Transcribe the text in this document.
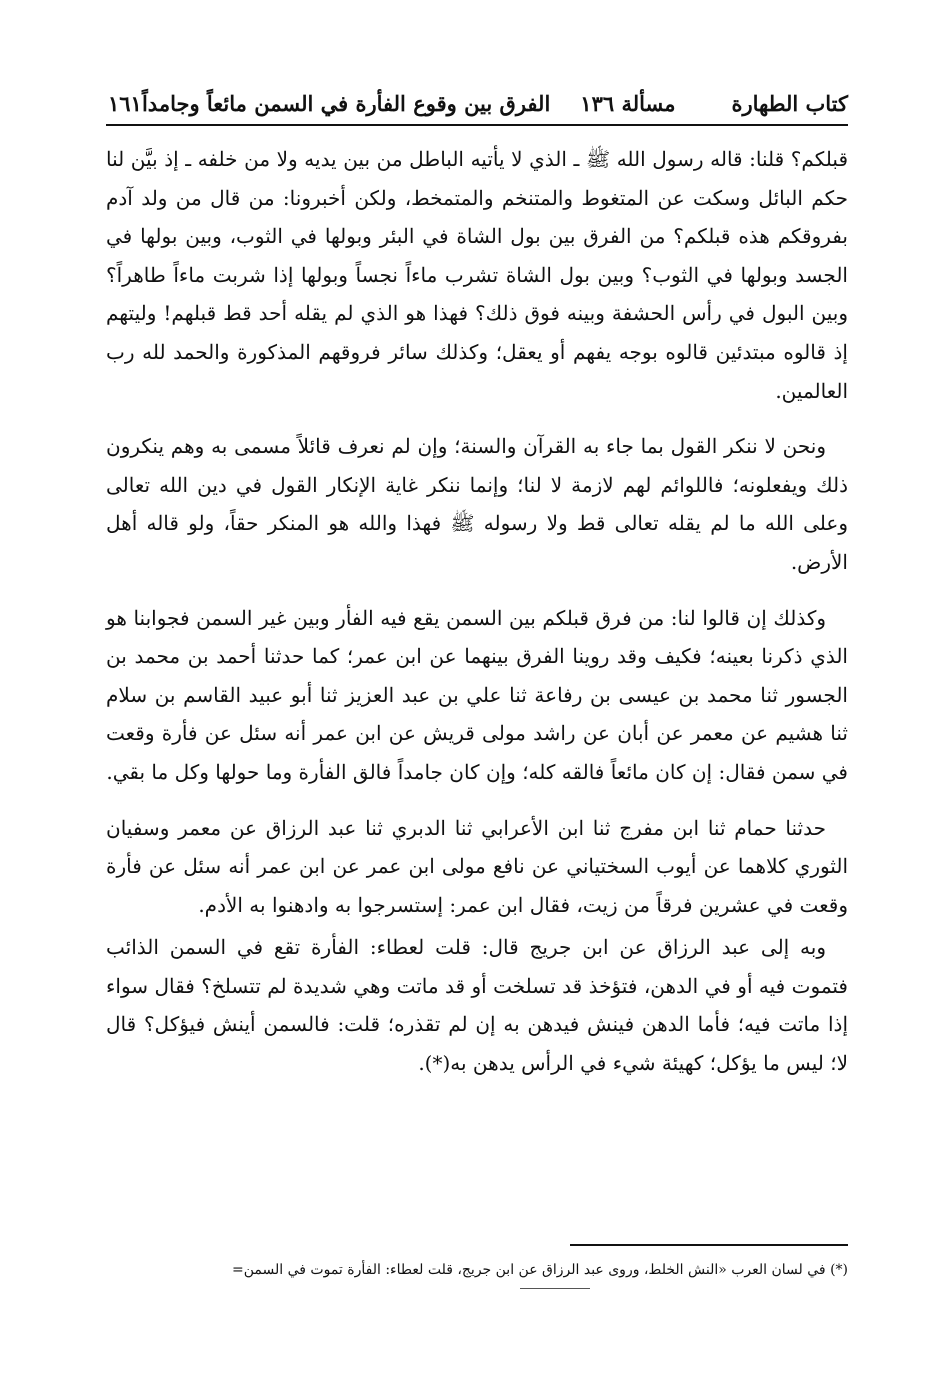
كتاب الطهارة
مسألة ١٣٦
الفرق بين وقوع الفأرة في السمن مائعاً وجامداً
١٦١

قبلكم؟ قلنا: قاله رسول الله ﷺ ـ الذي لا يأتيه الباطل من بين يديه ولا من خلفه ـ إذ بيَّن لنا حكم البائل وسكت عن المتغوط والمتنخم والمتمخط، ولكن أخبرونا: من قال من ولد آدم بفروقكم هذه قبلكم؟ من الفرق بين بول الشاة في البئر وبولها في الثوب، وبين بولها في الجسد وبولها في الثوب؟ وبين بول الشاة تشرب ماءاً نجساً وبولها إذا شربت ماءاً طاهراً؟ وبين البول في رأس الحشفة وبينه فوق ذلك؟ فهذا هو الذي لم يقله أحد قط قبلهم! وليتهم إذ قالوه مبتدئين قالوه بوجه يفهم أو يعقل؛ وكذلك سائر فروقهم المذكورة والحمد لله رب العالمين.

ونحن لا ننكر القول بما جاء به القرآن والسنة؛ وإن لم نعرف قائلاً مسمى به وهم ينكرون ذلك ويفعلونه؛ فاللوائم لهم لازمة لا لنا؛ وإنما ننكر غاية الإنكار القول في دين الله تعالى وعلى الله ما لم يقله تعالى قط ولا رسوله ﷺ فهذا والله هو المنكر حقاً، ولو قاله أهل الأرض.

وكذلك إن قالوا لنا: من فرق قبلكم بين السمن يقع فيه الفأر وبين غير السمن فجوابنا هو الذي ذكرنا بعينه؛ فكيف وقد روينا الفرق بينهما عن ابن عمر؛ كما حدثنا أحمد بن محمد بن الجسور ثنا محمد بن عيسى بن رفاعة ثنا علي بن عبد العزيز ثنا أبو عبيد القاسم بن سلام ثنا هشيم عن معمر عن أبان عن راشد مولى قريش عن ابن عمر أنه سئل عن فأرة وقعت في سمن فقال: إن كان مائعاً فالقه كله؛ وإن كان جامداً فالق الفأرة وما حولها وكل ما بقي.

حدثنا حمام ثنا ابن مفرج ثنا ابن الأعرابي ثنا الدبري ثنا عبد الرزاق عن معمر وسفيان الثوري كلاهما عن أيوب السختياني عن نافع مولى ابن عمر عن ابن عمر أنه سئل عن فأرة وقعت في عشرين فرقاً من زيت، فقال ابن عمر: إستسرجوا به وادهنوا به الأدم.

وبه إلى عبد الرزاق عن ابن جريج قال: قلت لعطاء: الفأرة تقع في السمن الذائب فتموت فيه أو في الدهن، فتؤخذ قد تسلخت أو قد ماتت وهي شديدة لم تتسلخ؟ فقال سواء إذا ماتت فيه؛ فأما الدهن فينش فيدهن به إن لم تقذره؛ قلت: فالسمن أينش فيؤكل؟ قال لا؛ ليس ما يؤكل؛ كهيئة شيء في الرأس يدهن به(*).

(*) في لسان العرب «النش الخلط، وروى عبد الرزاق عن ابن جريج، قلت لعطاء: الفأرة تموت في السمن=
